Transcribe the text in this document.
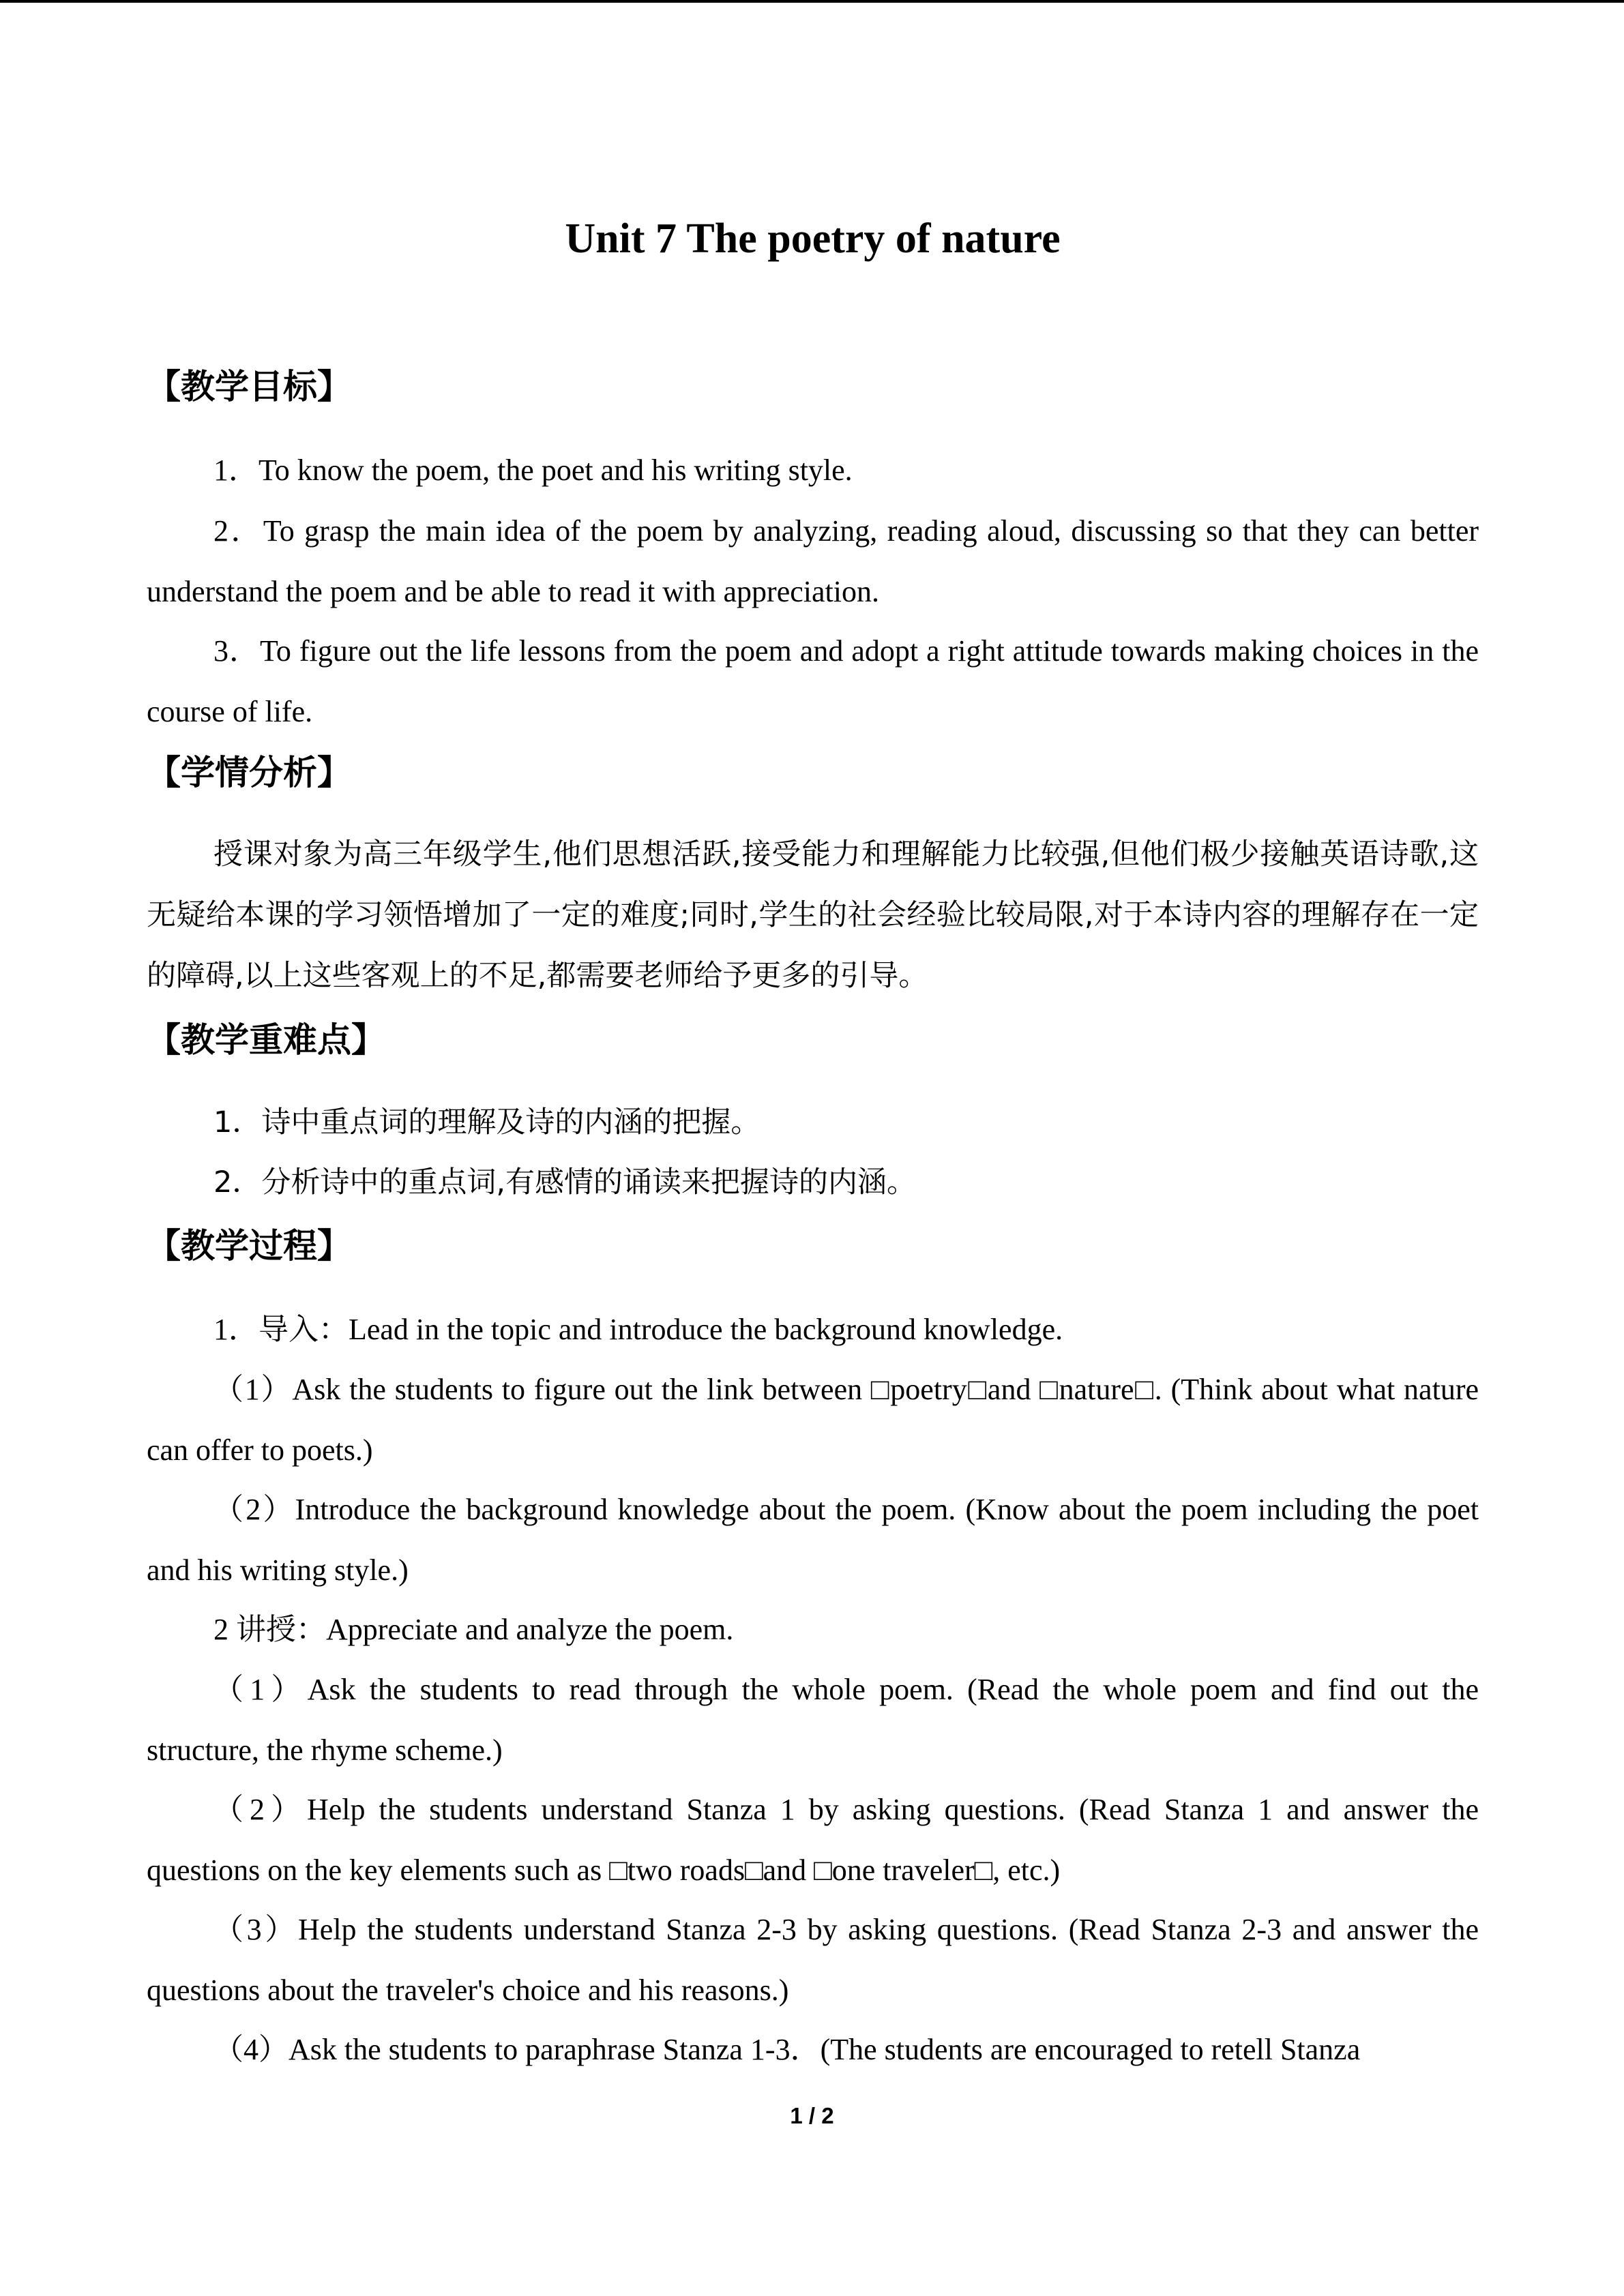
Unit 7 The poetry of nature
【教学目标】

1．To know the poem, the poet and his writing style.

2．To grasp the main idea of the poem by analyzing, reading aloud, discussing so that they can better understand the poem and be able to read it with appreciation.

3．To figure out the life lessons from the poem and adopt a right attitude towards making choices in the course of life.

【学情分析】

授课对象为高三年级学生,他们思想活跃,接受能力和理解能力比较强,但他们极少接触英语诗歌,这无疑给本课的学习领悟增加了一定的难度;同时,学生的社会经验比较局限,对于本诗内容的理解存在一定的障碍,以上这些客观上的不足,都需要老师给予更多的引导。

【教学重难点】

1．诗中重点词的理解及诗的内涵的把握。

2．分析诗中的重点词,有感情的诵读来把握诗的内涵。

【教学过程】

1．导入：Lead in the topic and introduce the background knowledge.

（1）Ask the students to figure out the link between □poetry□and □nature□. (Think about what nature can offer to poets.)

（2）Introduce the background knowledge about the poem. (Know about the poem including the poet and his writing style.)

2 讲授：Appreciate and analyze the poem.

（1）Ask the students to read through the whole poem. (Read the whole poem and find out the structure, the rhyme scheme.)

（2）Help the students understand Stanza 1 by asking questions. (Read Stanza 1 and answer the questions on the key elements such as □two roads□and □one traveler□, etc.)

（3）Help the students understand Stanza 2-3 by asking questions. (Read Stanza 2-3 and answer the questions about the traveler's choice and his reasons.)

（4）Ask the students to paraphrase Stanza 1-3．(The students are encouraged to retell Stanza

1 / 2
